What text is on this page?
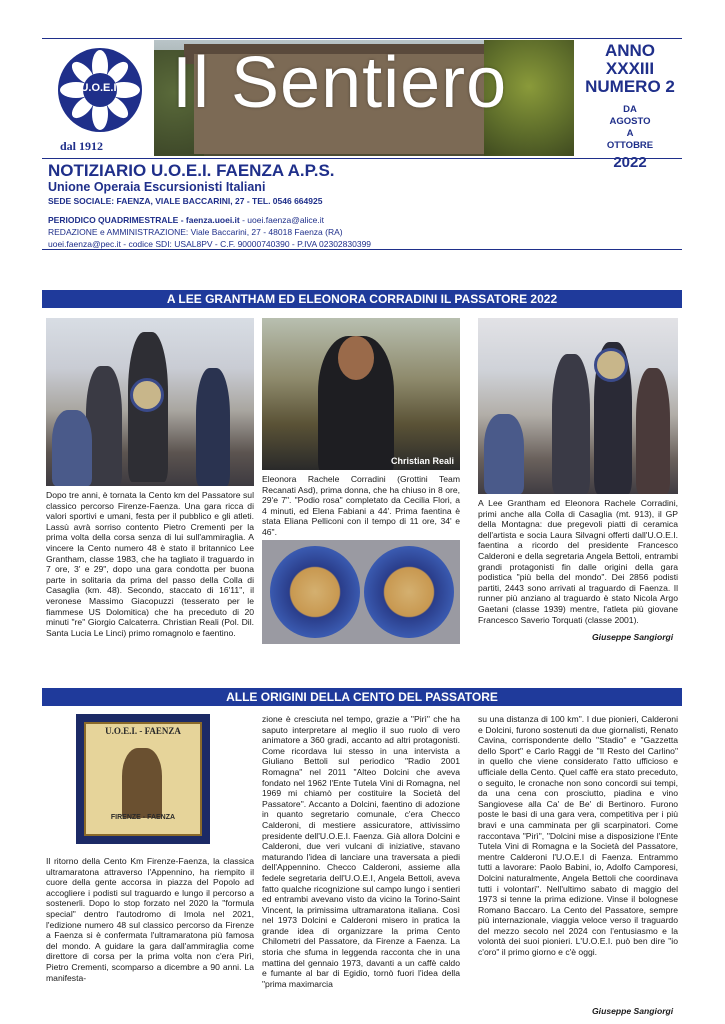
U.O.E.I.
dal 1912
Il Sentiero	ANNO XXXIII
NUMERO 2
DA
AGOSTO
A
OTTOBRE
2022
NOTIZIARIO U.O.E.I. FAENZA A.P.S.
Unione Operaia Escursionisti Italiani
SEDE SOCIALE: FAENZA, VIALE BACCARINI, 27 - TEL. 0546 664925
PERIODICO QUADRIMESTRALE - faenza.uoei.it - uoei.faenza@alice.it
REDAZIONE e AMMINISTRAZIONE: Viale Baccarini, 27 - 48018 Faenza (RA)
uoei.faenza@pec.it - codice SDI: USAL8PV - C.F. 90000740390 - P.IVA 02302830399
A LEE GRANTHAM ED ELEONORA CORRADINI IL PASSATORE 2022
Christian Reali
Eleonora Rachele Corradini (Grottini Team Recanati Asd), prima donna, che ha chiuso in 8 ore, 29'e 7". "Podio rosa" completato da Cecilia Flori, a 4 minuti, ed Elena Fabiani a 44'. Prima faentina è stata Eliana Pelliconi con il tempo di 11 ore, 34' e 46".
Dopo tre anni, è tornata la Cento km del Passatore sul classico percorso Firenze-Faenza. Una gara ricca di valori sportivi e umani, festa per il pubblico e gli atleti. Lassù avrà sorriso contento Pietro Crementi per la prima volta della corsa senza di lui sull'ammiraglia. A vincere la Cento numero 48 è stato il britannico Lee Grantham, classe 1983, che ha tagliato il traguardo in 7 ore, 3' e 29", dopo una gara condotta per buona parte in solitaria da prima del passo della Colla di Casaglia (km. 48). Secondo, staccato di 16'11", il veronese Massimo Giacopuzzi (tesserato per le fiammese US Dolomitica) che ha preceduto di 20 minuti "re" Giorgio Calcaterra. Christian Reali (Pol. Dil. Santa Lucia Le Linci) primo romagnolo e faentino.
A Lee Grantham ed Eleonora Rachele Corradini, primi anche alla Colla di Casaglia (mt. 913), il GP della Montagna: due pregevoli piatti di ceramica dell'artista e socia Laura Silvagni offerti dall'U.O.E.I. faentina a ricordo del presidente Francesco Calderoni e della segretaria Angela Bettoli, entrambi grandi protagonisti fin dalle origini della gara podistica "più bella del mondo". Dei 2856 podisti partiti, 2443 sono arrivati al traguardo di Faenza. Il runner più anziano al traguardo è stato Nicola Argo Gaetani (classe 1939) mentre, l'atleta più giovane Francesco Saverio Torquati (classe 2001).
Giuseppe Sangiorgi
ALLE ORIGINI DELLA CENTO DEL PASSATORE
U.O.E.I. - FAENZA
FIRENZE - FAENZA
Il ritorno della Cento Km Firenze-Faenza, la classica ultramaratona attraverso l'Appennino, ha riempito il cuore della gente accorsa in piazza del Popolo ad accogliere i podisti sul traguardo e lungo il percorso a sostenerli. Dopo lo stop forzato nel 2020 la "formula special" dentro l'autodromo di Imola nel 2021, l'edizione numero 48 sul classico percorso da Firenze a Faenza si è confermata l'ultramaratona più famosa del mondo. A guidare la gara dall'ammiraglia come direttore di corsa per la prima volta non c'era Pirì, Pietro Crementi, scomparso a dicembre a 90 anni. La manifesta-
zione è cresciuta nel tempo, grazie a "Pirì" che ha saputo interpretare al meglio il suo ruolo di vero animatore a 360 gradi, accanto ad altri protagonisti. Come ricordava lui stesso in una intervista a Giuliano Bettoli sul periodico "Radio 2001 Romagna" nel 2011 "Alteo Dolcini che aveva fondato nel 1962 l'Ente Tutela Vini di Romagna, nel 1969 mi chiamò per costituire la Società del Passatore". Accanto a Dolcini, faentino di adozione in quanto segretario comunale, c'era Checco Calderoni, di mestiere assicuratore, attivissimo presidente dell'U.O.E.I. Faenza. Già allora Dolcini e Calderoni, due veri vulcani di iniziative, stavano maturando l'idea di lanciare una traversata a piedi dell'Appennino. Checco Calderoni, assieme alla fedele segretaria dell'U.O.E.I, Angela Bettoli, aveva fatto qualche ricognizione sul campo lungo i sentieri ed entrambi avevano visto da vicino la Torino-Saint Vincent, la primissima ultramaratona italiana. Così nel 1973 Dolcini e Calderoni misero in pratica la grande idea di organizzare la prima Cento Chilometri del Passatore, da Firenze a Faenza. La storia che sfuma in leggenda racconta che in una mattina del gennaio 1973, davanti a un caffè caldo e fumante al bar di Egidio, tornò fuori l'idea della "prima maximarcia
su una distanza di 100 km". I due pionieri, Calderoni e Dolcini, furono sostenuti da due giornalisti, Renato Cavina, corrispondente dello "Stadio" e "Gazzetta dello Sport" e Carlo Raggi de "Il Resto del Carlino" in quello che viene considerato l'atto ufficioso e ufficiale della Cento. Quel caffè era stato preceduto, o seguito, le cronache non sono concordi sui tempi, da una cena con prosciutto, piadina e vino Sangiovese alla Ca' de Be' di Bertinoro. Furono poste le basi di una gara vera, competitiva per i più bravi e una camminata per gli scarpinatori. Come raccontava "Pirì", "Dolcini mise a disposizione l'Ente Tutela Vini di Romagna e la Società del Passatore, mentre Calderoni l'U.O.E.I di Faenza. Entrammo tutti a lavorare: Paolo Babini, io, Adolfo Camporesi, Dolcini naturalmente, Angela Bettoli che coordinava tutti i volontari". Nell'ultimo sabato di maggio del 1973 si tenne la prima edizione. Vinse il bolognese Romano Baccaro. La Cento del Passatore, sempre più internazionale, viaggia veloce verso il traguardo del mezzo secolo nel 2024 con l'entusiasmo e la volontà dei suoi pionieri. L'U.O.E.I. può ben dire "io c'oro" il primo giorno e c'è oggi.
Giuseppe Sangiorgi
